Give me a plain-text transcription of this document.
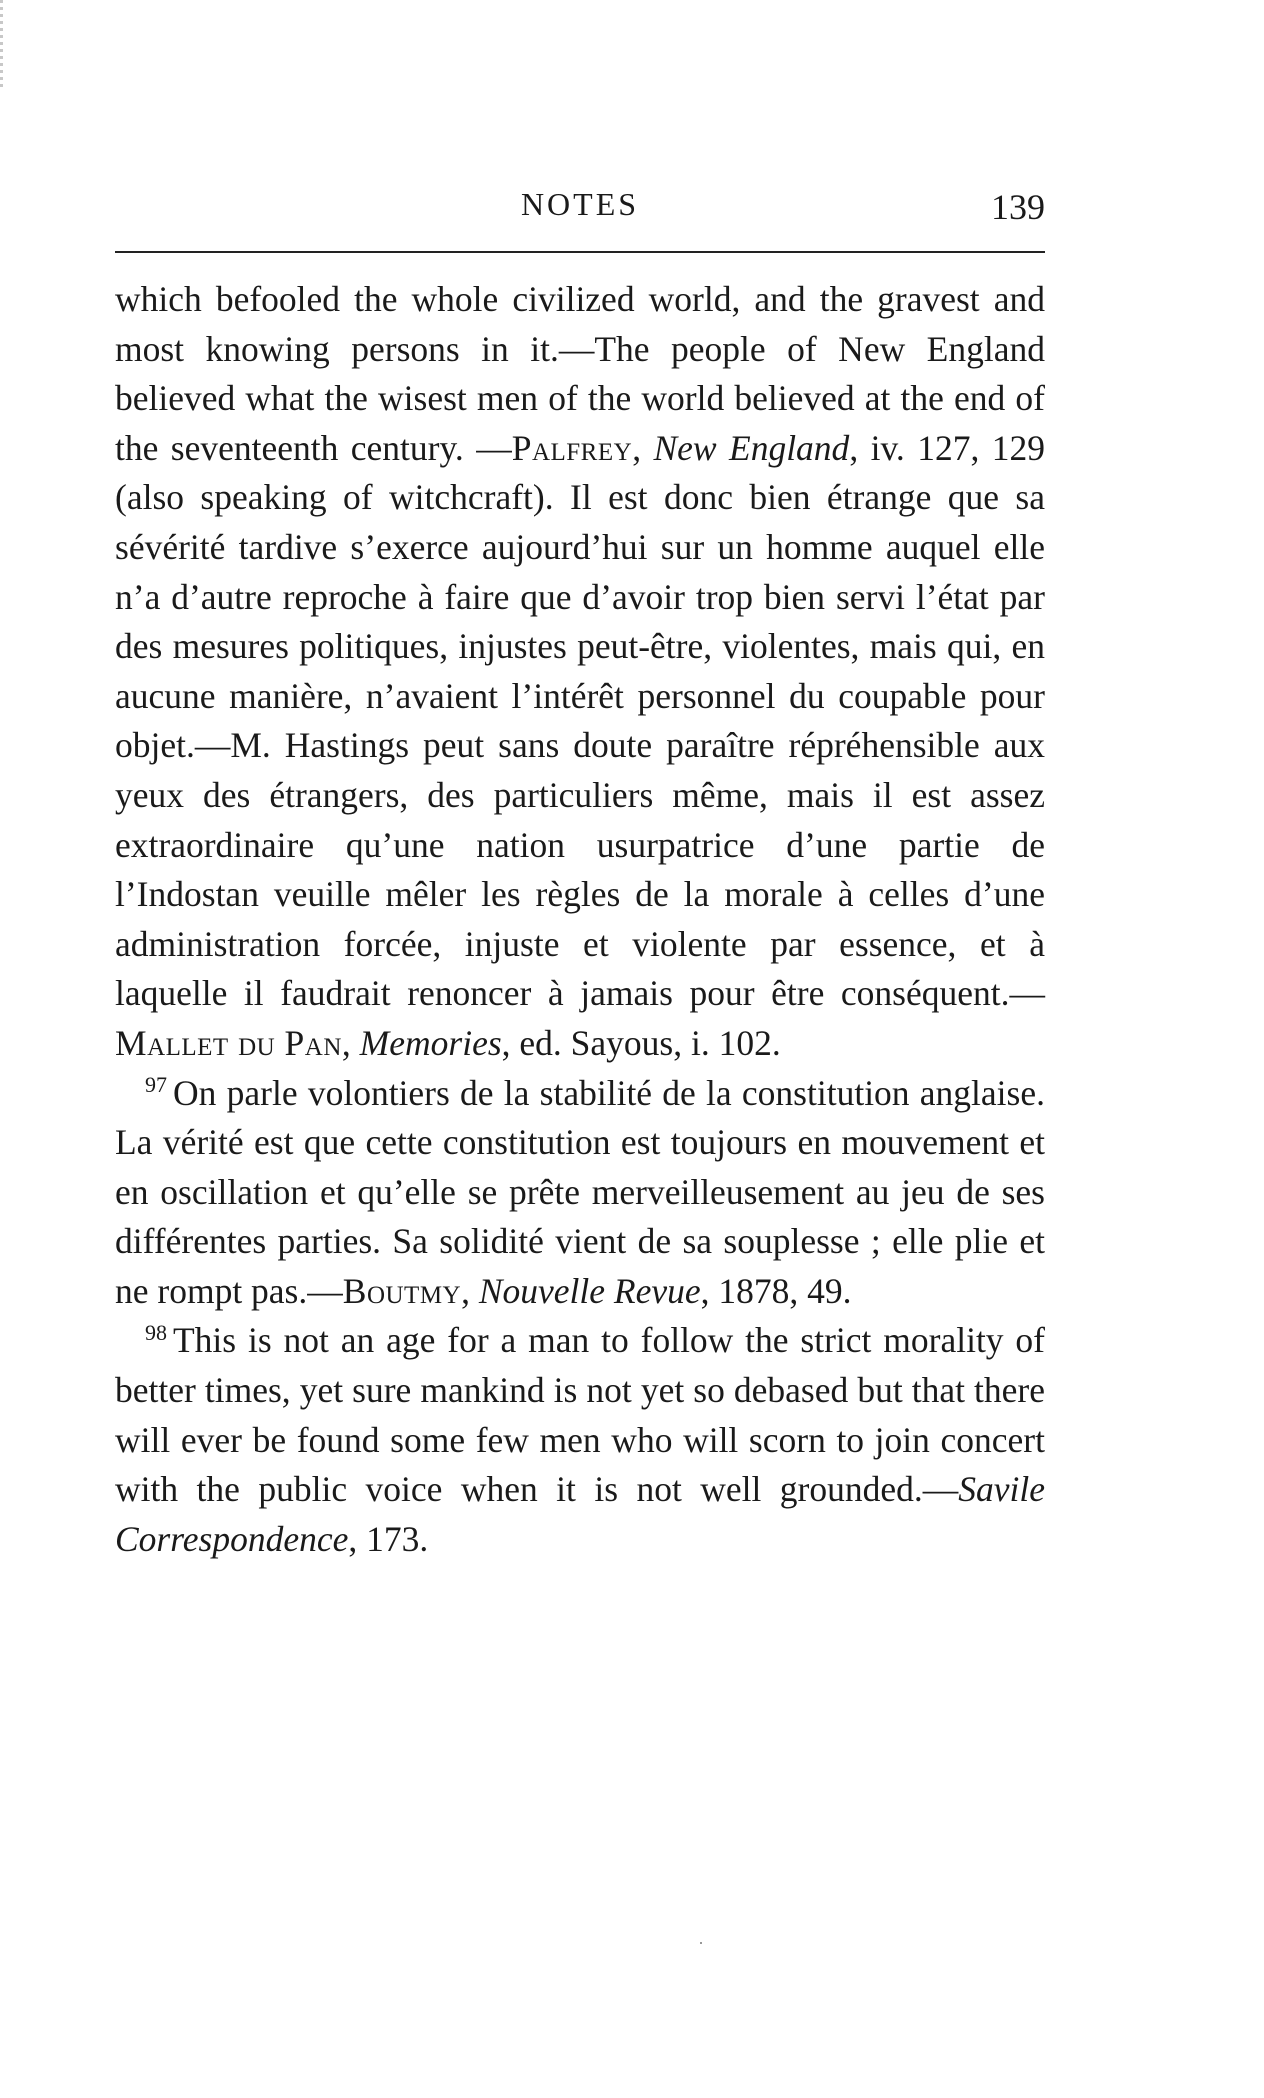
NOTES	139

which befooled the whole civilized world, and the gravest and most knowing persons in it.—The people of New England believed what the wisest men of the world believed at the end of the seventeenth century. —Palfrey, New England, iv. 127, 129 (also speaking of witchcraft). Il est donc bien étrange que sa sévérité tardive s’exerce aujourd’hui sur un homme auquel elle n’a d’autre reproche à faire que d’avoir trop bien servi l’état par des mesures politiques, injustes peut-être, violentes, mais qui, en aucune manière, n’avaient l’intérêt personnel du coupable pour objet.—M. Hastings peut sans doute paraître répréhensible aux yeux des étrangers, des particuliers même, mais il est assez extraordinaire qu’une nation usurpatrice d’une partie de l’Indostan veuille mêler les règles de la morale à celles d’une administration forcée, injuste et violente par essence, et à laquelle il faudrait renoncer à jamais pour être conséquent.— Mallet du Pan, Memories, ed. Sayous, i. 102.

$^{97}$ On parle volontiers de la stabilité de la constitution anglaise. La vérité est que cette constitution est toujours en mouvement et en oscillation et qu’elle se prête merveilleusement au jeu de ses différentes parties. Sa solidité vient de sa souplesse ; elle plie et ne rompt pas.—Boutmy, Nouvelle Revue, 1878, 49.

$^{98}$ This is not an age for a man to follow the strict morality of better times, yet sure mankind is not yet so debased but that there will ever be found some few men who will scorn to join concert with the public voice when it is not well grounded.—Savile Correspondence, 173.
